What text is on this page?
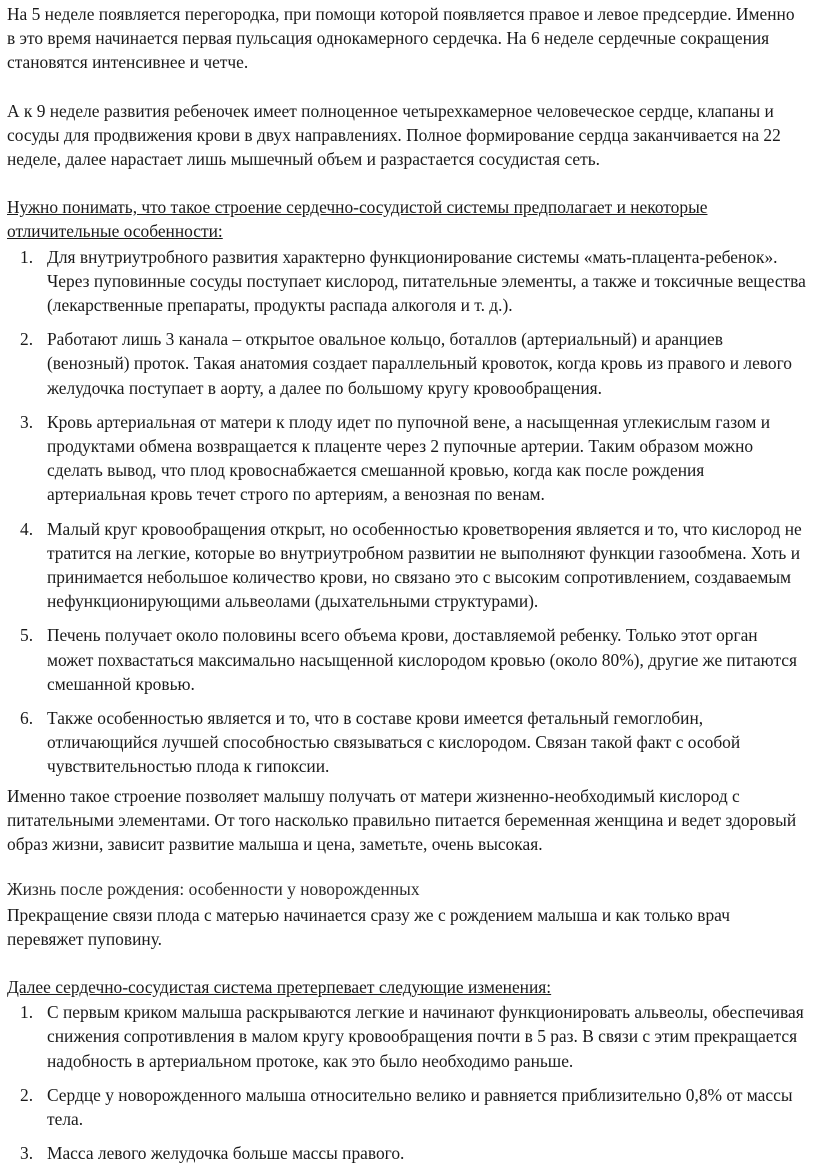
На 5 неделе появляется перегородка, при помощи которой появляется правое и левое предсердие. Именно в это время начинается первая пульсация однокамерного сердечка. На 6 неделе сердечные сокращения становятся интенсивнее и четче.

А к 9 неделе развития ребеночек имеет полноценное четырехкамерное человеческое сердце, клапаны и сосуды для продвижения крови в двух направлениях. Полное формирование сердца заканчивается на 22 неделе, далее нарастает лишь мышечный объем и разрастается сосудистая сеть.

Нужно понимать, что такое строение сердечно-сосудистой системы предполагает и некоторые отличительные особенности:

1. Для внутриутробного развития характерно функционирование системы «мать-плацента-ребенок». Через пуповинные сосуды поступает кислород, питательные элементы, а также и токсичные вещества (лекарственные препараты, продукты распада алкоголя и т. д.).
2. Работают лишь 3 канала – открытое овальное кольцо, боталлов (артериальный) и аранциев (венозный) проток. Такая анатомия создает параллельный кровоток, когда кровь из правого и левого желудочка поступает в аорту, а далее по большому кругу кровообращения.
3. Кровь артериальная от матери к плоду идет по пупочной вене, а насыщенная углекислым газом и продуктами обмена возвращается к плаценте через 2 пупочные артерии. Таким образом можно сделать вывод, что плод кровоснабжается смешанной кровью, когда как после рождения артериальная кровь течет строго по артериям, а венозная по венам.
4. Малый круг кровообращения открыт, но особенностью кроветворения является и то, что кислород не тратится на легкие, которые во внутриутробном развитии не выполняют функции газообмена. Хоть и принимается небольшое количество крови, но связано это с высоким сопротивлением, создаваемым нефункционирующими альвеолами (дыхательными структурами).
5. Печень получает около половины всего объема крови, доставляемой ребенку. Только этот орган может похвастаться максимально насыщенной кислородом кровью (около 80%), другие же питаются смешанной кровью.
6. Также особенностью является и то, что в составе крови имеется фетальный гемоглобин, отличающийся лучшей способностью связываться с кислородом. Связан такой факт с особой чувствительностью плода к гипоксии.

Именно такое строение позволяет малышу получать от матери жизненно-необходимый кислород с питательными элементами. От того насколько правильно питается беременная женщина и ведет здоровый образ жизни, зависит развитие малыша и цена, заметьте, очень высокая.

Жизнь после рождения: особенности у новорожденных

Прекращение связи плода с матерью начинается сразу же с рождением малыша и как только врач перевяжет пуповину.

Далее сердечно-сосудистая система претерпевает следующие изменения:

1. С первым криком малыша раскрываются легкие и начинают функционировать альвеолы, обеспечивая снижения сопротивления в малом кругу кровообращения почти в 5 раз. В связи с этим прекращается надобность в артериальном протоке, как это было необходимо раньше.
2. Сердце у новорожденного малыша относительно велико и равняется приблизительно 0,8% от массы тела.
3. Масса левого желудочка больше массы правого.
